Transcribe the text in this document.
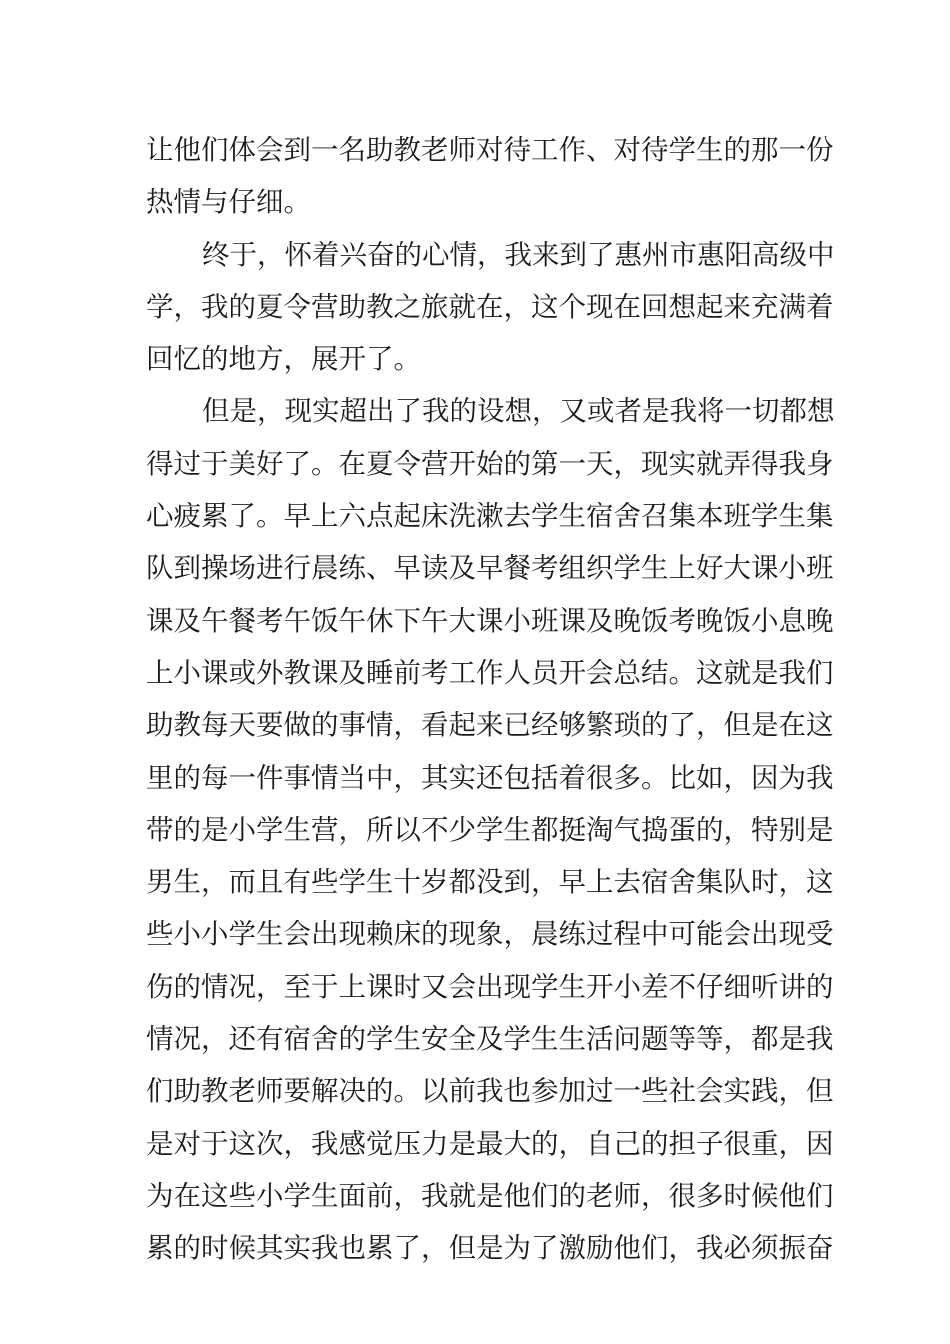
让他们体会到一名助教老师对待工作、对待学生的那一份
热情与仔细。
终于，怀着兴奋的心情，我来到了惠州市惠阳高级中
学，我的夏令营助教之旅就在，这个现在回想起来充满着
回忆的地方，展开了。
但是，现实超出了我的设想，又或者是我将一切都想
得过于美好了。在夏令营开始的第一天，现实就弄得我身
心疲累了。早上六点起床洗漱去学生宿舍召集本班学生集
队到操场进行晨练、早读及早餐考组织学生上好大课小班
课及午餐考午饭午休下午大课小班课及晚饭考晚饭小息晚
上小课或外教课及睡前考工作人员开会总结。这就是我们
助教每天要做的事情，看起来已经够繁琐的了，但是在这
里的每一件事情当中，其实还包括着很多。比如，因为我
带的是小学生营，所以不少学生都挺淘气捣蛋的，特别是
男生，而且有些学生十岁都没到，早上去宿舍集队时，这
些小小学生会出现赖床的现象，晨练过程中可能会出现受
伤的情况，至于上课时又会出现学生开小差不仔细听讲的
情况，还有宿舍的学生安全及学生生活问题等等，都是我
们助教老师要解决的。以前我也参加过一些社会实践，但
是对于这次，我感觉压力是最大的，自己的担子很重，因
为在这些小学生面前，我就是他们的老师，很多时候他们
累的时候其实我也累了，但是为了激励他们，我必须振奋
